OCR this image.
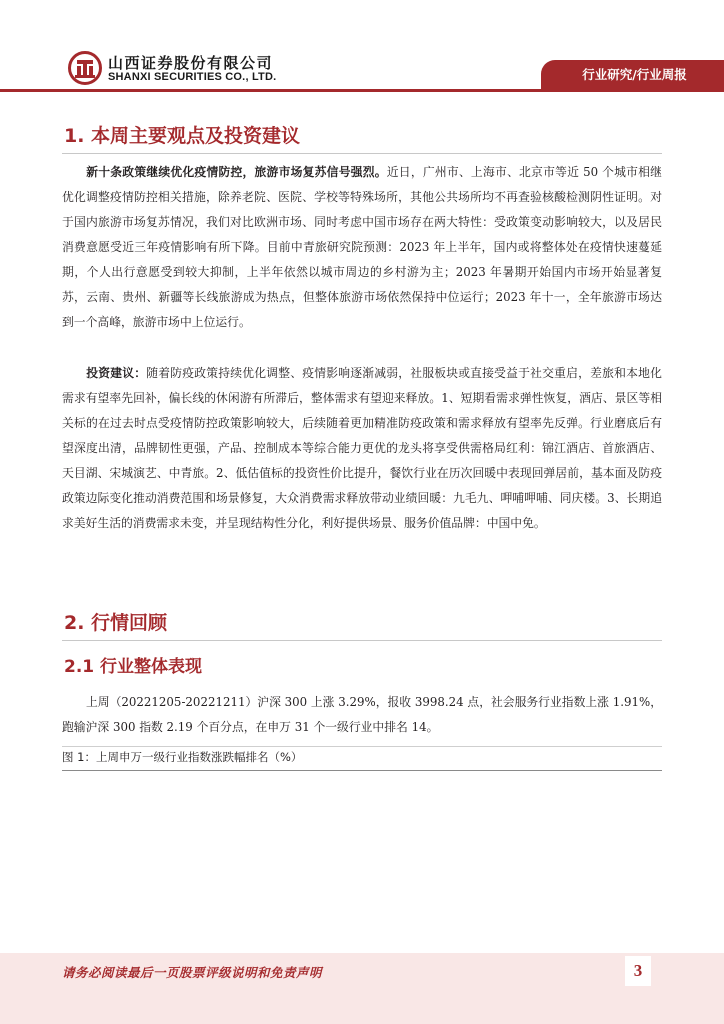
山西证券股份有限公司
SHANXI SECURITIES CO., LTD.	行业研究/行业周报
1. 本周主要观点及投资建议
新十条政策继续优化疫情防控，旅游市场复苏信号强烈。近日，广州市、上海市、北京市等近 50 个城市相继优化调整疫情防控相关措施，除养老院、医院、学校等特殊场所，其他公共场所均不再查验核酸检测阴性证明。对于国内旅游市场复苏情况，我们对比欧洲市场、同时考虑中国市场存在两大特性：受政策变动影响较大，以及居民消费意愿受近三年疫情影响有所下降。目前中青旅研究院预测：2023 年上半年，国内或将整体处在疫情快速蔓延期，个人出行意愿受到较大抑制，上半年依然以城市周边的乡村游为主；2023 年暑期开始国内市场开始显著复苏，云南、贵州、新疆等长线旅游成为热点，但整体旅游市场依然保持中位运行；2023 年十一，全年旅游市场达到一个高峰，旅游市场中上位运行。
投资建议：随着防疫政策持续优化调整、疫情影响逐渐减弱，社服板块或直接受益于社交重启，差旅和本地化需求有望率先回补，偏长线的休闲游有所滞后，整体需求有望迎来释放。1、短期看需求弹性恢复，酒店、景区等相关标的在过去时点受疫情防控政策影响较大，后续随着更加精准防疫政策和需求释放有望率先反弹。行业磨底后有望深度出清，品牌韧性更强，产品、控制成本等综合能力更优的龙头将享受供需格局红利：锦江酒店、首旅酒店、天目湖、宋城演艺、中青旅。2、低估值标的投资性价比提升，餐饮行业在历次回暖中表现回弹居前，基本面及防疫政策边际变化推动消费范围和场景修复，大众消费需求释放带动业绩回暖：九毛九、呷哺呷哺、同庆楼。3、长期追求美好生活的消费需求未变，并呈现结构性分化，利好提供场景、服务价值品牌：中国中免。
2. 行情回顾
2.1 行业整体表现
上周（20221205-20221211）沪深 300 上涨 3.29%，报收 3998.24 点，社会服务行业指数上涨 1.91%，跑输沪深 300 指数 2.19 个百分点，在申万 31 个一级行业中排名 14。
图 1：上周申万一级行业指数涨跌幅排名（%）
请务必阅读最后一页股票评级说明和免责声明	3
